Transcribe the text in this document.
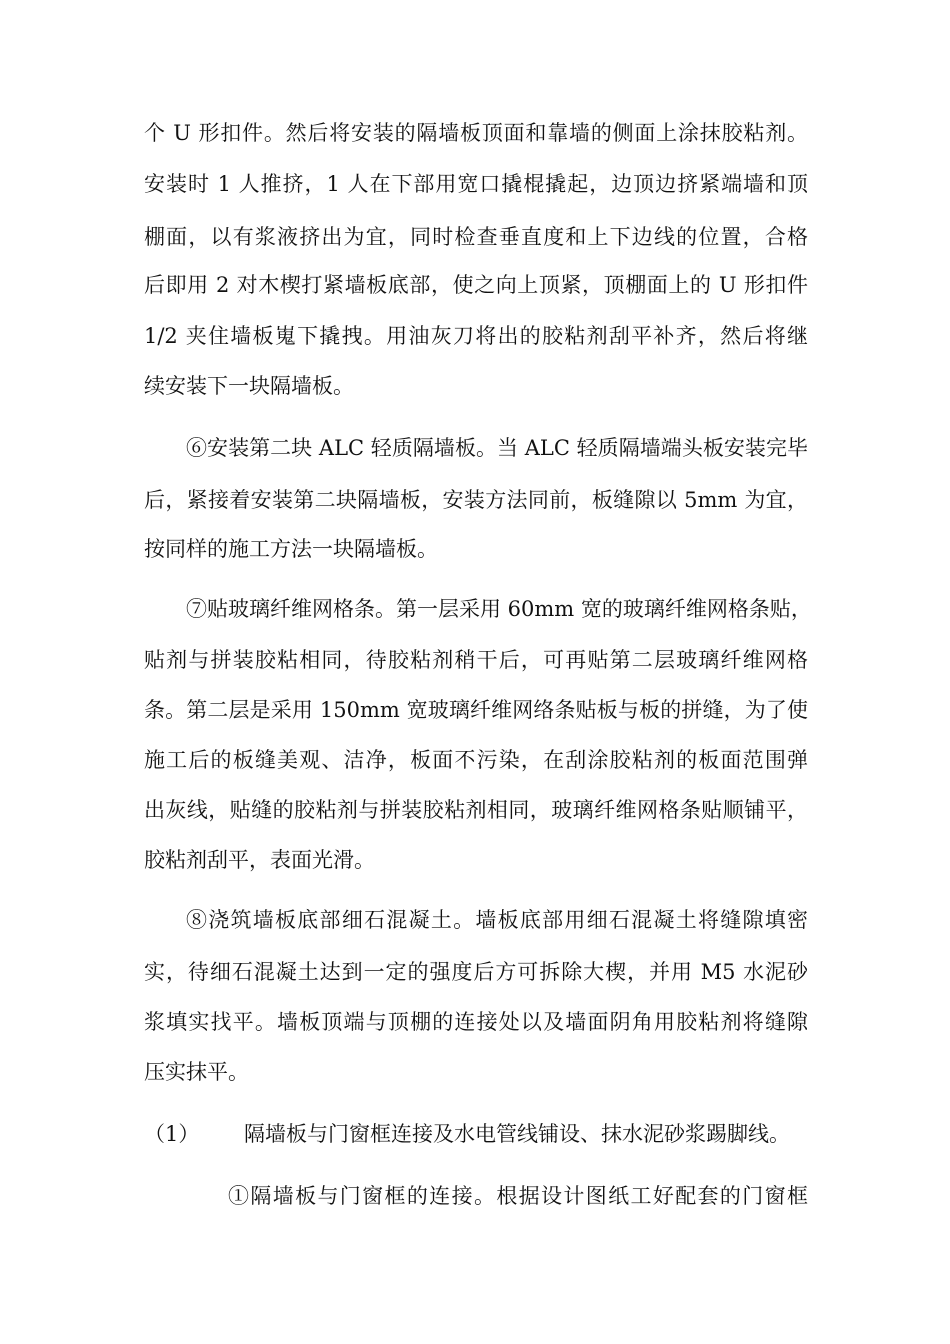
个 U 形扣件。然后将安装的隔墙板顶面和靠墙的侧面上涂抹胶粘剂。
安装时 1 人推挤，1 人在下部用宽口撬棍撬起，边顶边挤紧端墙和顶
棚面，以有浆液挤出为宜，同时检查垂直度和上下边线的位置，合格
后即用 2 对木楔打紧墙板底部，使之向上顶紧，顶棚面上的 U 形扣件
1/2 夹住墙板嵬下撬拽。用油灰刀将出的胶粘剂刮平补齐，然后将继
续安装下一块隔墙板。
⑥安装第二块 ALC 轻质隔墙板。当 ALC 轻质隔墙端头板安装完毕
后，紧接着安装第二块隔墙板，安装方法同前，板缝隙以 5mm 为宜，
按同样的施工方法一块隔墙板。
⑦贴玻璃纤维网格条。第一层采用 60mm 宽的玻璃纤维网格条贴，
贴剂与拼装胶粘相同，待胶粘剂稍干后，可再贴第二层玻璃纤维网格
条。第二层是采用 150mm 宽玻璃纤维网络条贴板与板的拼缝，为了使
施工后的板缝美观、洁净，板面不污染，在刮涂胶粘剂的板面范围弹
出灰线，贴缝的胶粘剂与拼装胶粘剂相同，玻璃纤维网格条贴顺铺平，
胶粘剂刮平，表面光滑。
⑧浇筑墙板底部细石混凝土。墙板底部用细石混凝土将缝隙填密
实，待细石混凝土达到一定的强度后方可拆除大楔，并用 M5 水泥砂
浆填实找平。墙板顶端与顶棚的连接处以及墙面阴角用胶粘剂将缝隙
压实抹平。
（1） 隔墙板与门窗框连接及水电管线铺设、抹水泥砂浆踢脚线。
①隔墙板与门窗框的连接。根据设计图纸工好配套的门窗框
